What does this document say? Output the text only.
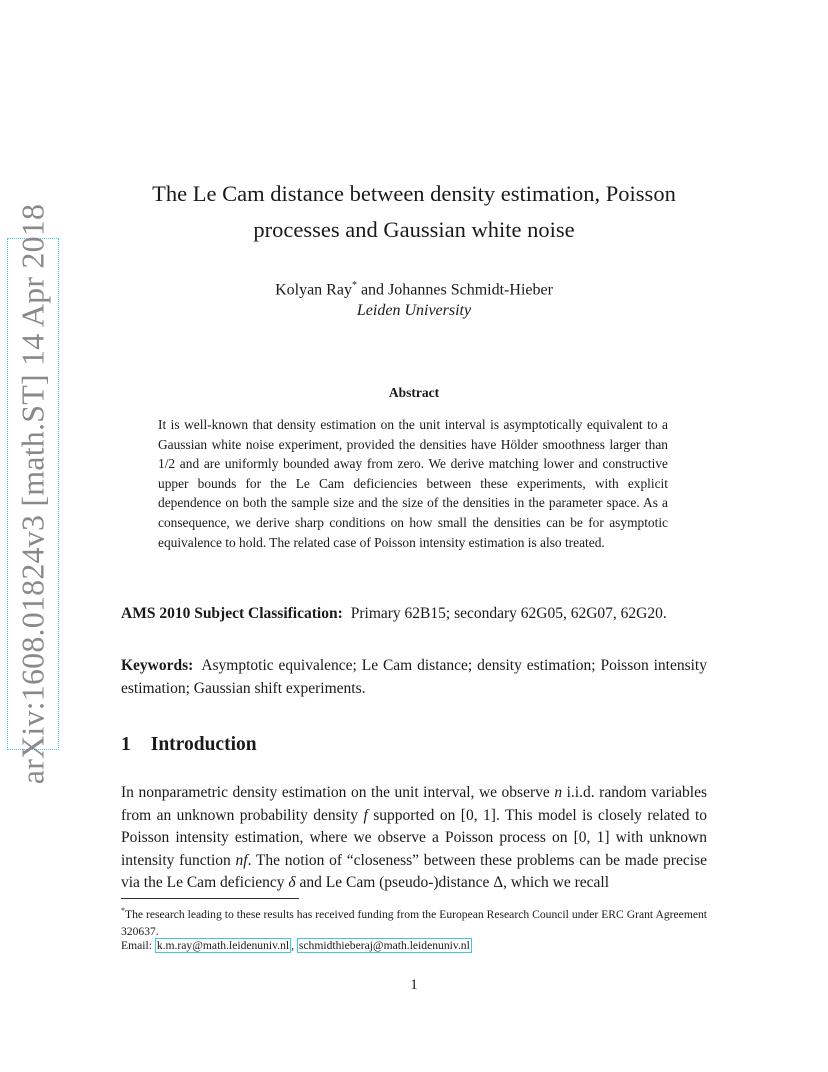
arXiv:1608.01824v3 [math.ST] 14 Apr 2018
The Le Cam distance between density estimation, Poisson
processes and Gaussian white noise
Kolyan Ray* and Johannes Schmidt-Hieber
Leiden University
Abstract

It is well-known that density estimation on the unit interval is asymptotically equivalent to a Gaussian white noise experiment, provided the densities have Hölder smoothness larger than 1/2 and are uniformly bounded away from zero. We derive matching lower and constructive upper bounds for the Le Cam deficiencies between these experiments, with explicit dependence on both the sample size and the size of the densities in the parameter space. As a consequence, we derive sharp conditions on how small the densities can be for asymptotic equivalence to hold. The related case of Poisson intensity estimation is also treated.

AMS 2010 Subject Classification: Primary 62B15; secondary 62G05, 62G07, 62G20.

Keywords: Asymptotic equivalence; Le Cam distance; density estimation; Poisson intensity estimation; Gaussian shift experiments.

1 Introduction

In nonparametric density estimation on the unit interval, we observe n i.i.d. random variables from an unknown probability density f supported on [0, 1]. This model is closely related to Poisson intensity estimation, where we observe a Poisson process on [0, 1] with unknown intensity function nf. The notion of “closeness” between these problems can be made precise via the Le Cam deficiency δ and Le Cam (pseudo-)distance Δ, which we recall

*The research leading to these results has received funding from the European Research Council under ERC Grant Agreement 320637.

Email: k.m.ray@math.leidenuniv.nl , schmidthieberaj@math.leidenuniv.nl
1
